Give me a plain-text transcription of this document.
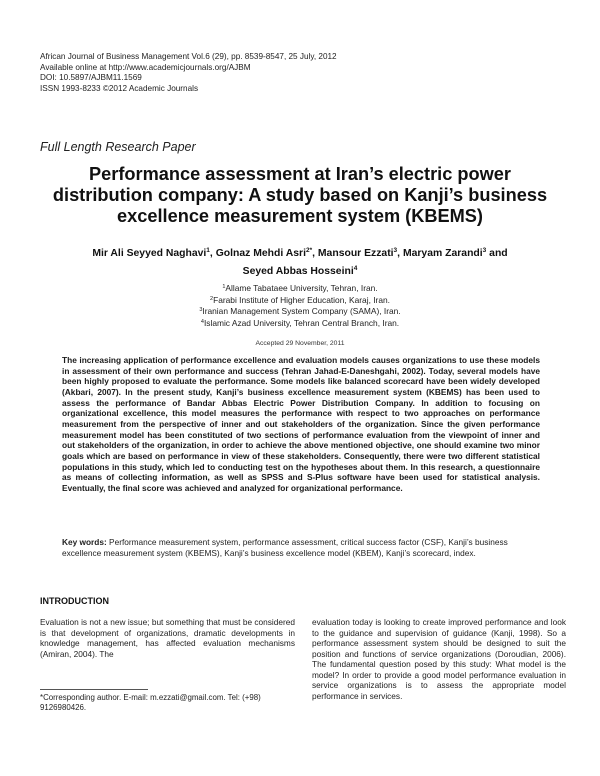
African Journal of Business Management Vol.6 (29), pp. 8539-8547, 25 July, 2012
Available online at http://www.academicjournals.org/AJBM
DOI: 10.5897/AJBM11.1569
ISSN 1993-8233 ©2012 Academic Journals
Full Length Research Paper
Performance assessment at Iran’s electric power distribution company: A study based on Kanji’s business excellence measurement system (KBEMS)
Mir Ali Seyyed Naghavi$^1$, Golnaz Mehdi Asri$^{2*}$, Mansour Ezzati$^3$, Maryam Zarandi$^3$ and
Seyed Abbas Hosseini$^4$
$^1$Allame Tabataee University, Tehran, Iran.
$^2$Farabi Institute of Higher Education, Karaj, Iran.
$^3$Iranian Management System Company (SAMA), Iran.
$^4$Islamic Azad University, Tehran Central Branch, Iran.
Accepted 29 November, 2011
The increasing application of performance excellence and evaluation models causes organizations to use these models in assessment of their own performance and success (Tehran Jahad-E-Daneshgahi, 2002). Today, several models have been highly proposed to evaluate the performance. Some models like balanced scorecard have been widely developed (Akbari, 2007). In the present study, Kanji’s business excellence measurement system (KBEMS) has been used to assess the performance of Bandar Abbas Electric Power Distribution Company. In addition to focusing on organizational excellence, this model measures the performance with respect to two approaches on performance measurement from the perspective of inner and out stakeholders of the organization. Since the given performance measurement model has been constituted of two sections of performance evaluation from the viewpoint of inner and out stakeholders of the organization, in order to achieve the above mentioned objective, one should examine two minor goals which are based on performance in view of these stakeholders. Consequently, there were two different statistical populations in this study, which led to conducting test on the hypotheses about them. In this research, a questionnaire as means of collecting information, as well as SPSS and S-Plus software have been used for statistical analysis. Eventually, the final score was achieved and analyzed for organizational performance.
Key words: Performance measurement system, performance assessment, critical success factor (CSF), Kanji’s business excellence measurement system (KBEMS), Kanji’s business excellence model (KBEM), Kanji’s scorecard, index.
INTRODUCTION
Evaluation is not a new issue; but something that must be considered is that development of organizations, dramatic developments in knowledge management, has affected evaluation mechanisms (Amiran, 2004). The
evaluation today is looking to create improved performance and look to the guidance and supervision of guidance (Kanji, 1998). So a performance assessment system should be designed to suit the position and functions of service organizations (Doroudian, 2006). The fundamental question posed by this study: What model is the model? In order to provide a good model performance evaluation in service organizations is to assess the appropriate model performance in services.
*Corresponding author. E-mail: m.ezzati@gmail.com. Tel: (+98) 9126980426.
